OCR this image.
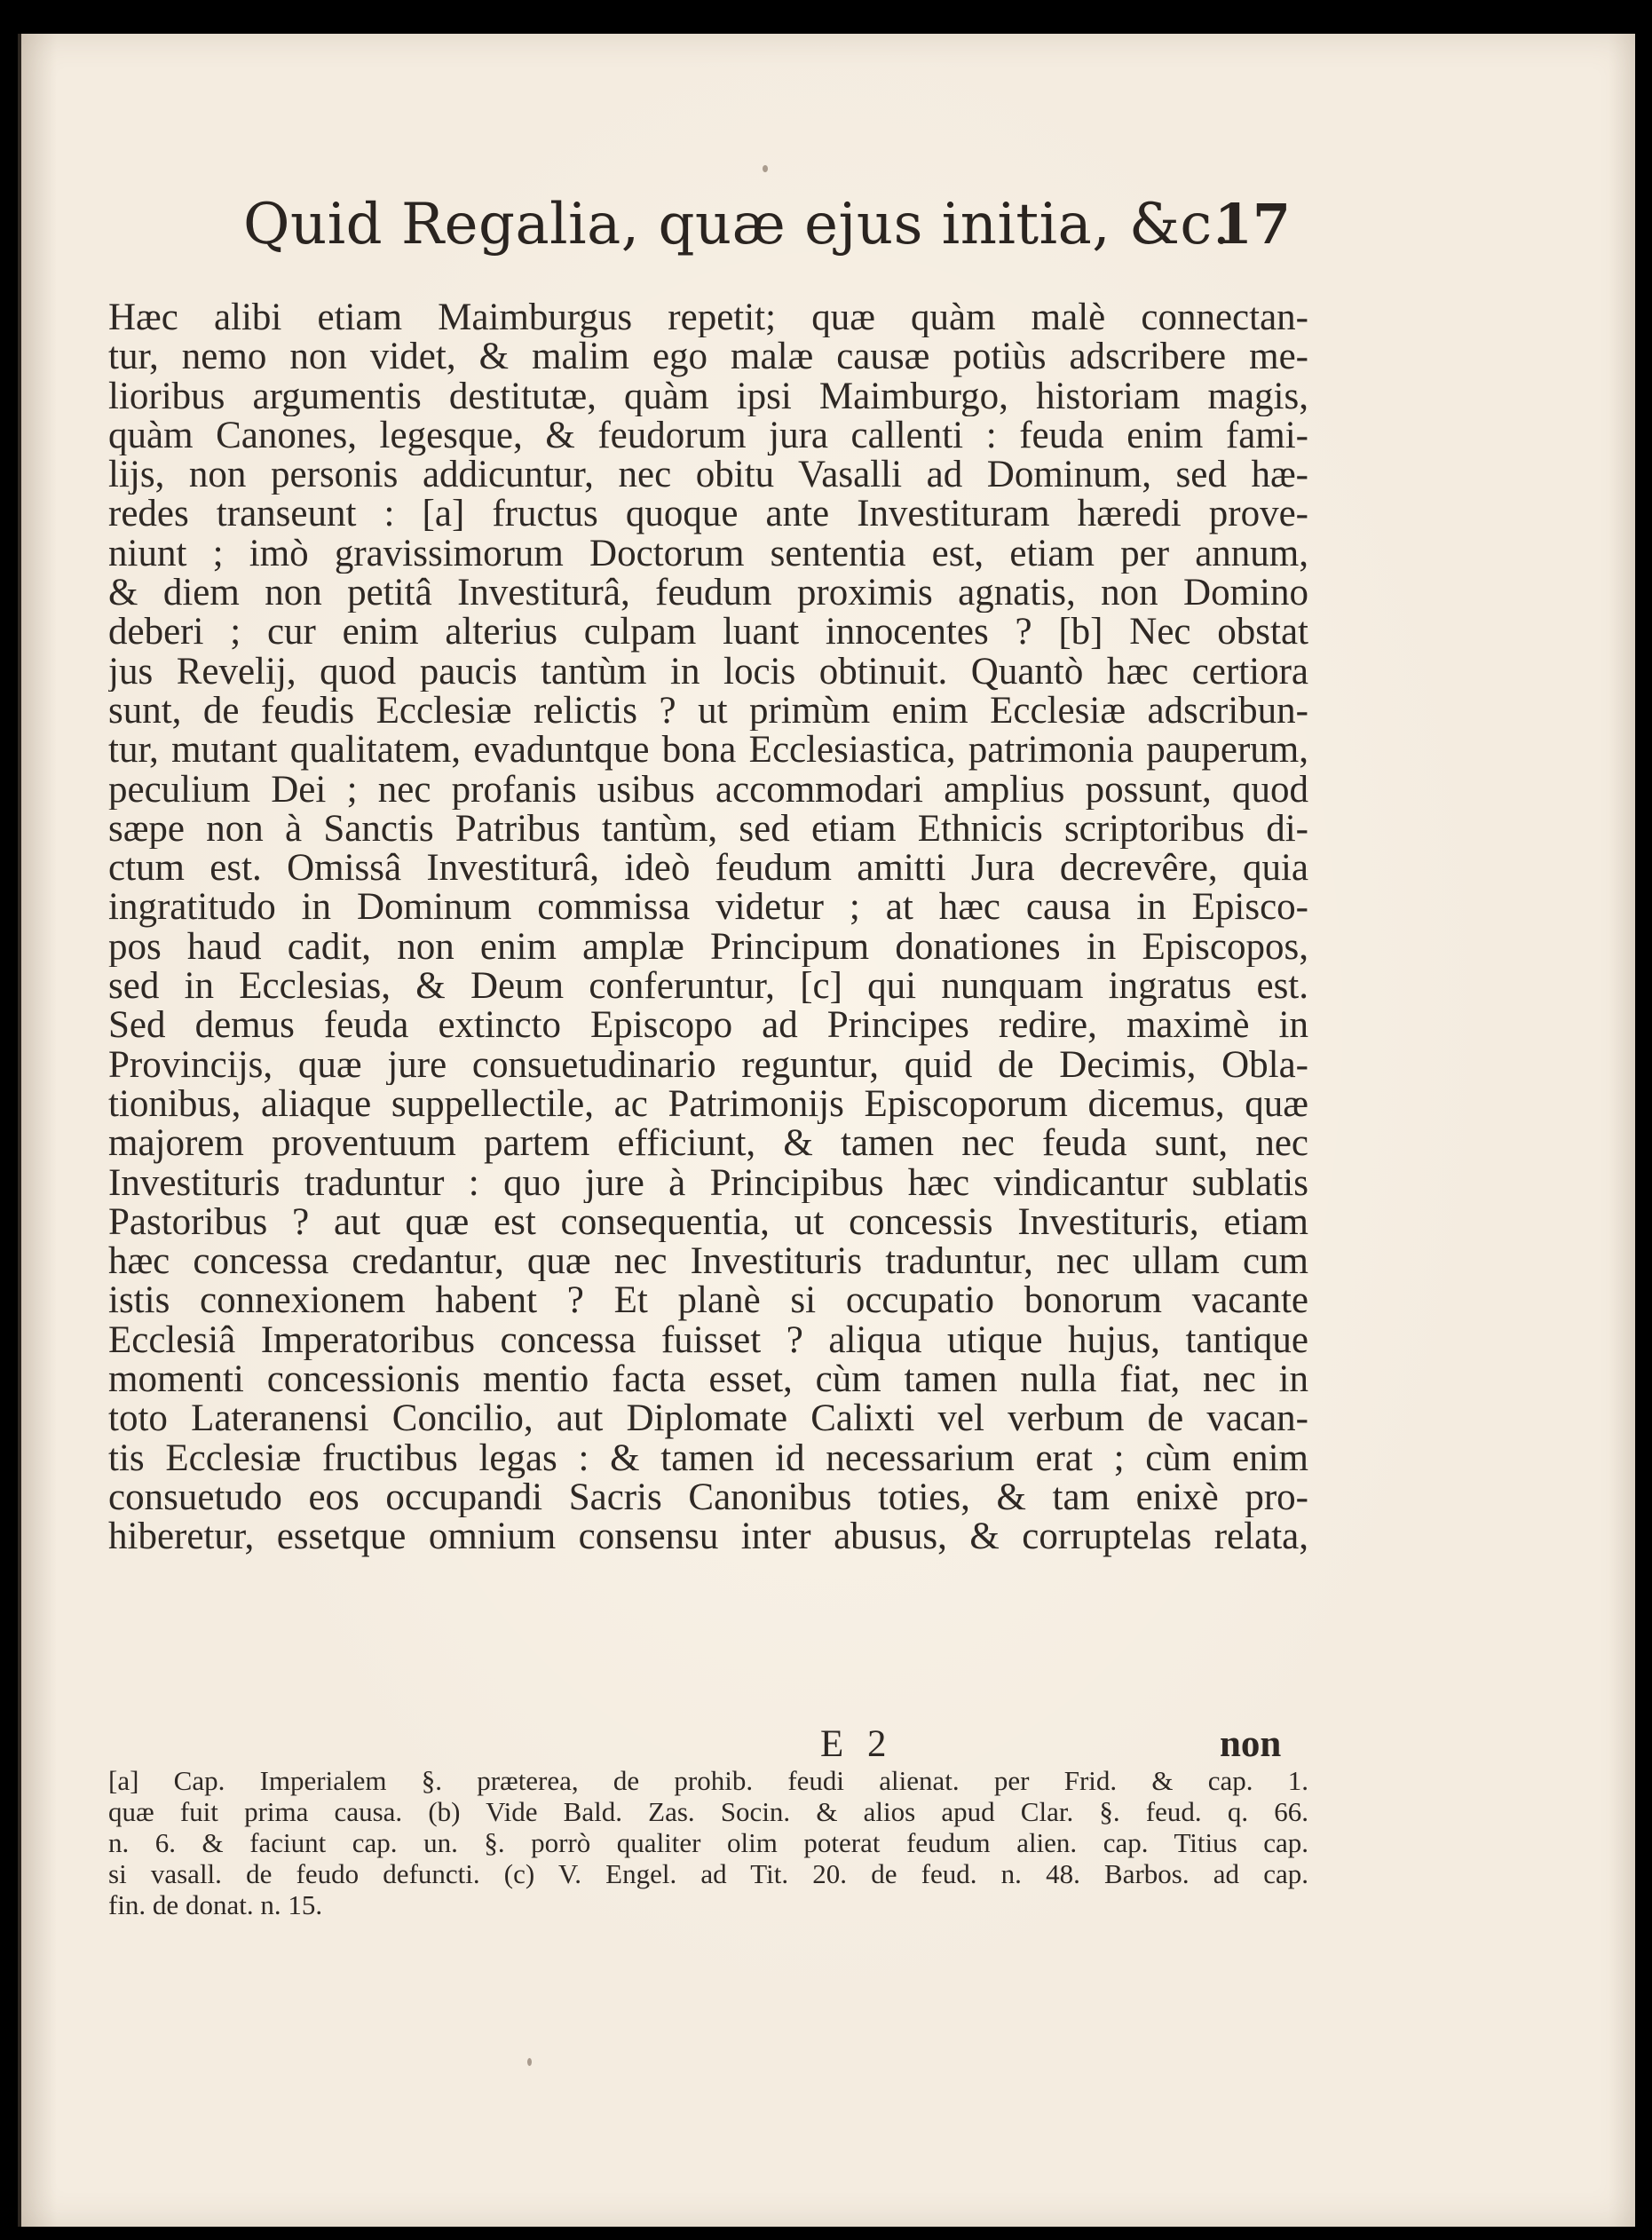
Quid Regalia, quæ ejus initia, &c.
17
Hæc alibi etiam Maimburgus repetit; quæ quàm malè connectan-
tur, nemo non videt, & malim ego malæ causæ potiùs adscribere me-
lioribus argumentis destitutæ, quàm ipsi Maimburgo, historiam magis,
quàm Canones, legesque, & feudorum jura callenti : feuda enim fami-
lijs, non personis addicuntur, nec obitu Vasalli ad Dominum, sed hæ-
redes transeunt : [a] fructus quoque ante Investituram hæredi prove-
niunt ; imò gravissimorum Doctorum sententia est, etiam per annum,
& diem non petitâ Investiturâ, feudum proximis agnatis, non Domino
deberi ; cur enim alterius culpam luant innocentes ? [b] Nec obstat
jus Revelij, quod paucis tantùm in locis obtinuit. Quantò hæc certiora
sunt, de feudis Ecclesiæ relictis ? ut primùm enim Ecclesiæ adscribun-
tur, mutant qualitatem, evaduntque bona Ecclesiastica, patrimonia pauperum,
peculium Dei ; nec profanis usibus accommodari amplius possunt, quod
sæpe non à Sanctis Patribus tantùm, sed etiam Ethnicis scriptoribus di-
ctum est. Omissâ Investiturâ, ideò feudum amitti Jura decrevêre, quia
ingratitudo in Dominum commissa videtur ; at hæc causa in Episco-
pos haud cadit, non enim amplæ Principum donationes in Episcopos,
sed in Ecclesias, & Deum conferuntur, [c] qui nunquam ingratus est.
Sed demus feuda extincto Episcopo ad Principes redire, maximè in
Provincijs, quæ jure consuetudinario reguntur, quid de Decimis, Obla-
tionibus, aliaque suppellectile, ac Patrimonijs Episcoporum dicemus, quæ
majorem proventuum partem efficiunt, & tamen nec feuda sunt, nec
Investituris traduntur : quo jure à Principibus hæc vindicantur sublatis
Pastoribus ? aut quæ est consequentia, ut concessis Investituris, etiam
hæc concessa credantur, quæ nec Investituris traduntur, nec ullam cum
istis connexionem habent ? Et planè si occupatio bonorum vacante
Ecclesiâ Imperatoribus concessa fuisset ? aliqua utique hujus, tantique
momenti concessionis mentio facta esset, cùm tamen nulla fiat, nec in
toto Lateranensi Concilio, aut Diplomate Calixti vel verbum de vacan-
tis Ecclesiæ fructibus legas : & tamen id necessarium erat ; cùm enim
consuetudo eos occupandi Sacris Canonibus toties, & tam enixè pro-
hiberetur, essetque omnium consensu inter abusus, & corruptelas relata,
E 2	non
[a] Cap. Imperialem §. præterea, de prohib. feudi alienat. per Frid. & cap. 1.
quæ fuit prima causa. (b) Vide Bald. Zas. Socin. & alios apud Clar. §. feud. q. 66.
n. 6. & faciunt cap. un. §. porrò qualiter olim poterat feudum alien. cap. Titius cap.
si vasall. de feudo defuncti. (c) V. Engel. ad Tit. 20. de feud. n. 48. Barbos. ad cap.
fin. de donat. n. 15.
